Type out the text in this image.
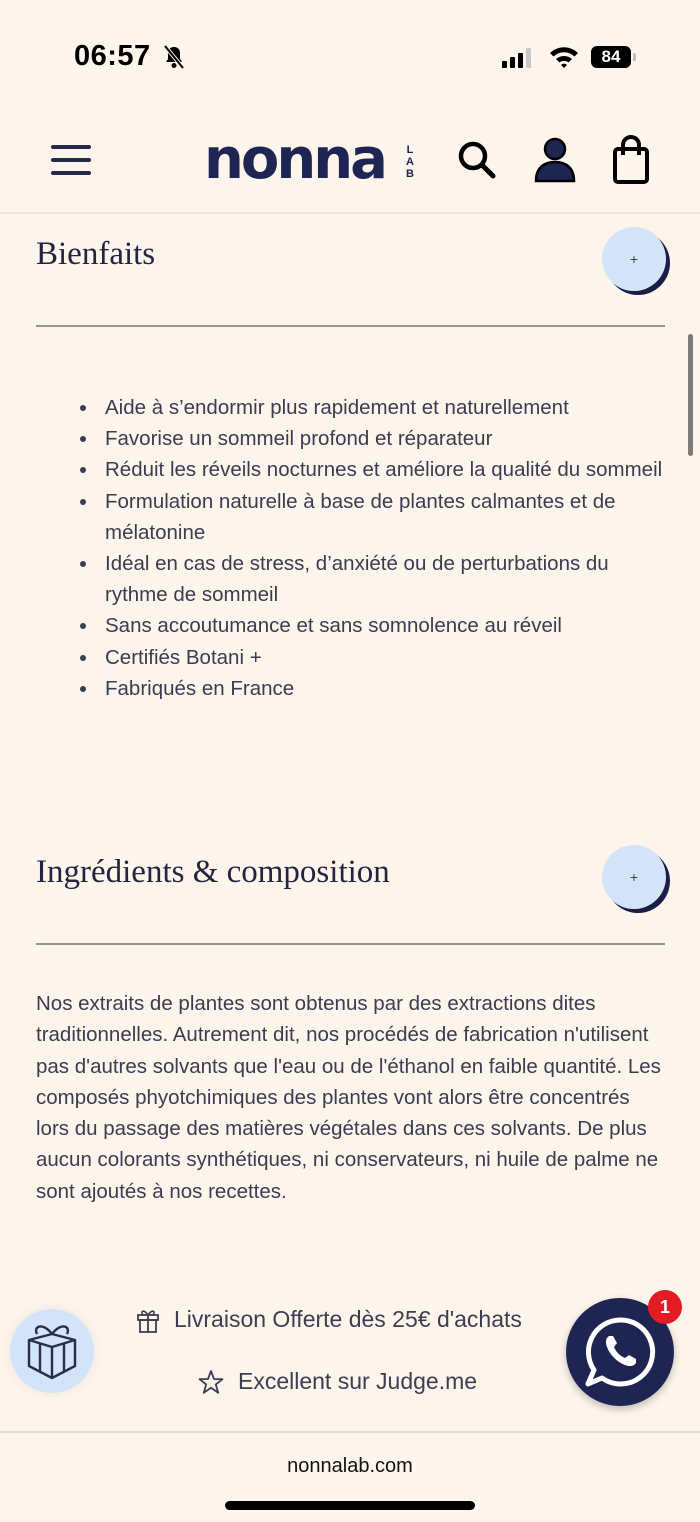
06:57	84
nonna L
A
B
Bienfaits	+
Aide à s’endormir plus rapidement et naturellement
Favorise un sommeil profond et réparateur
Réduit les réveils nocturnes et améliore la qualité du sommeil
Formulation naturelle à base de plantes calmantes et de mélatonine
Idéal en cas de stress, d’anxiété ou de perturbations du rythme de sommeil
Sans accoutumance et sans somnolence au réveil
Certifiés Botani +
Fabriqués en France
Ingrédients & composition	+

Nos extraits de plantes sont obtenus par des extractions dites traditionnelles. Autrement dit, nos procédés de fabrication n'utilisent pas d'autres solvants que l'eau ou de l'éthanol en faible quantité. Les composés phyotchimiques des plantes vont alors être concentrés lors du passage des matières végétales dans ces solvants. De plus aucun colorants synthétiques, ni conservateurs, ni huile de palme ne sont ajoutés à nos recettes.

Livraison Offerte dès 25€ d'achats
Excellent sur Judge.me
1
nonnalab.com
